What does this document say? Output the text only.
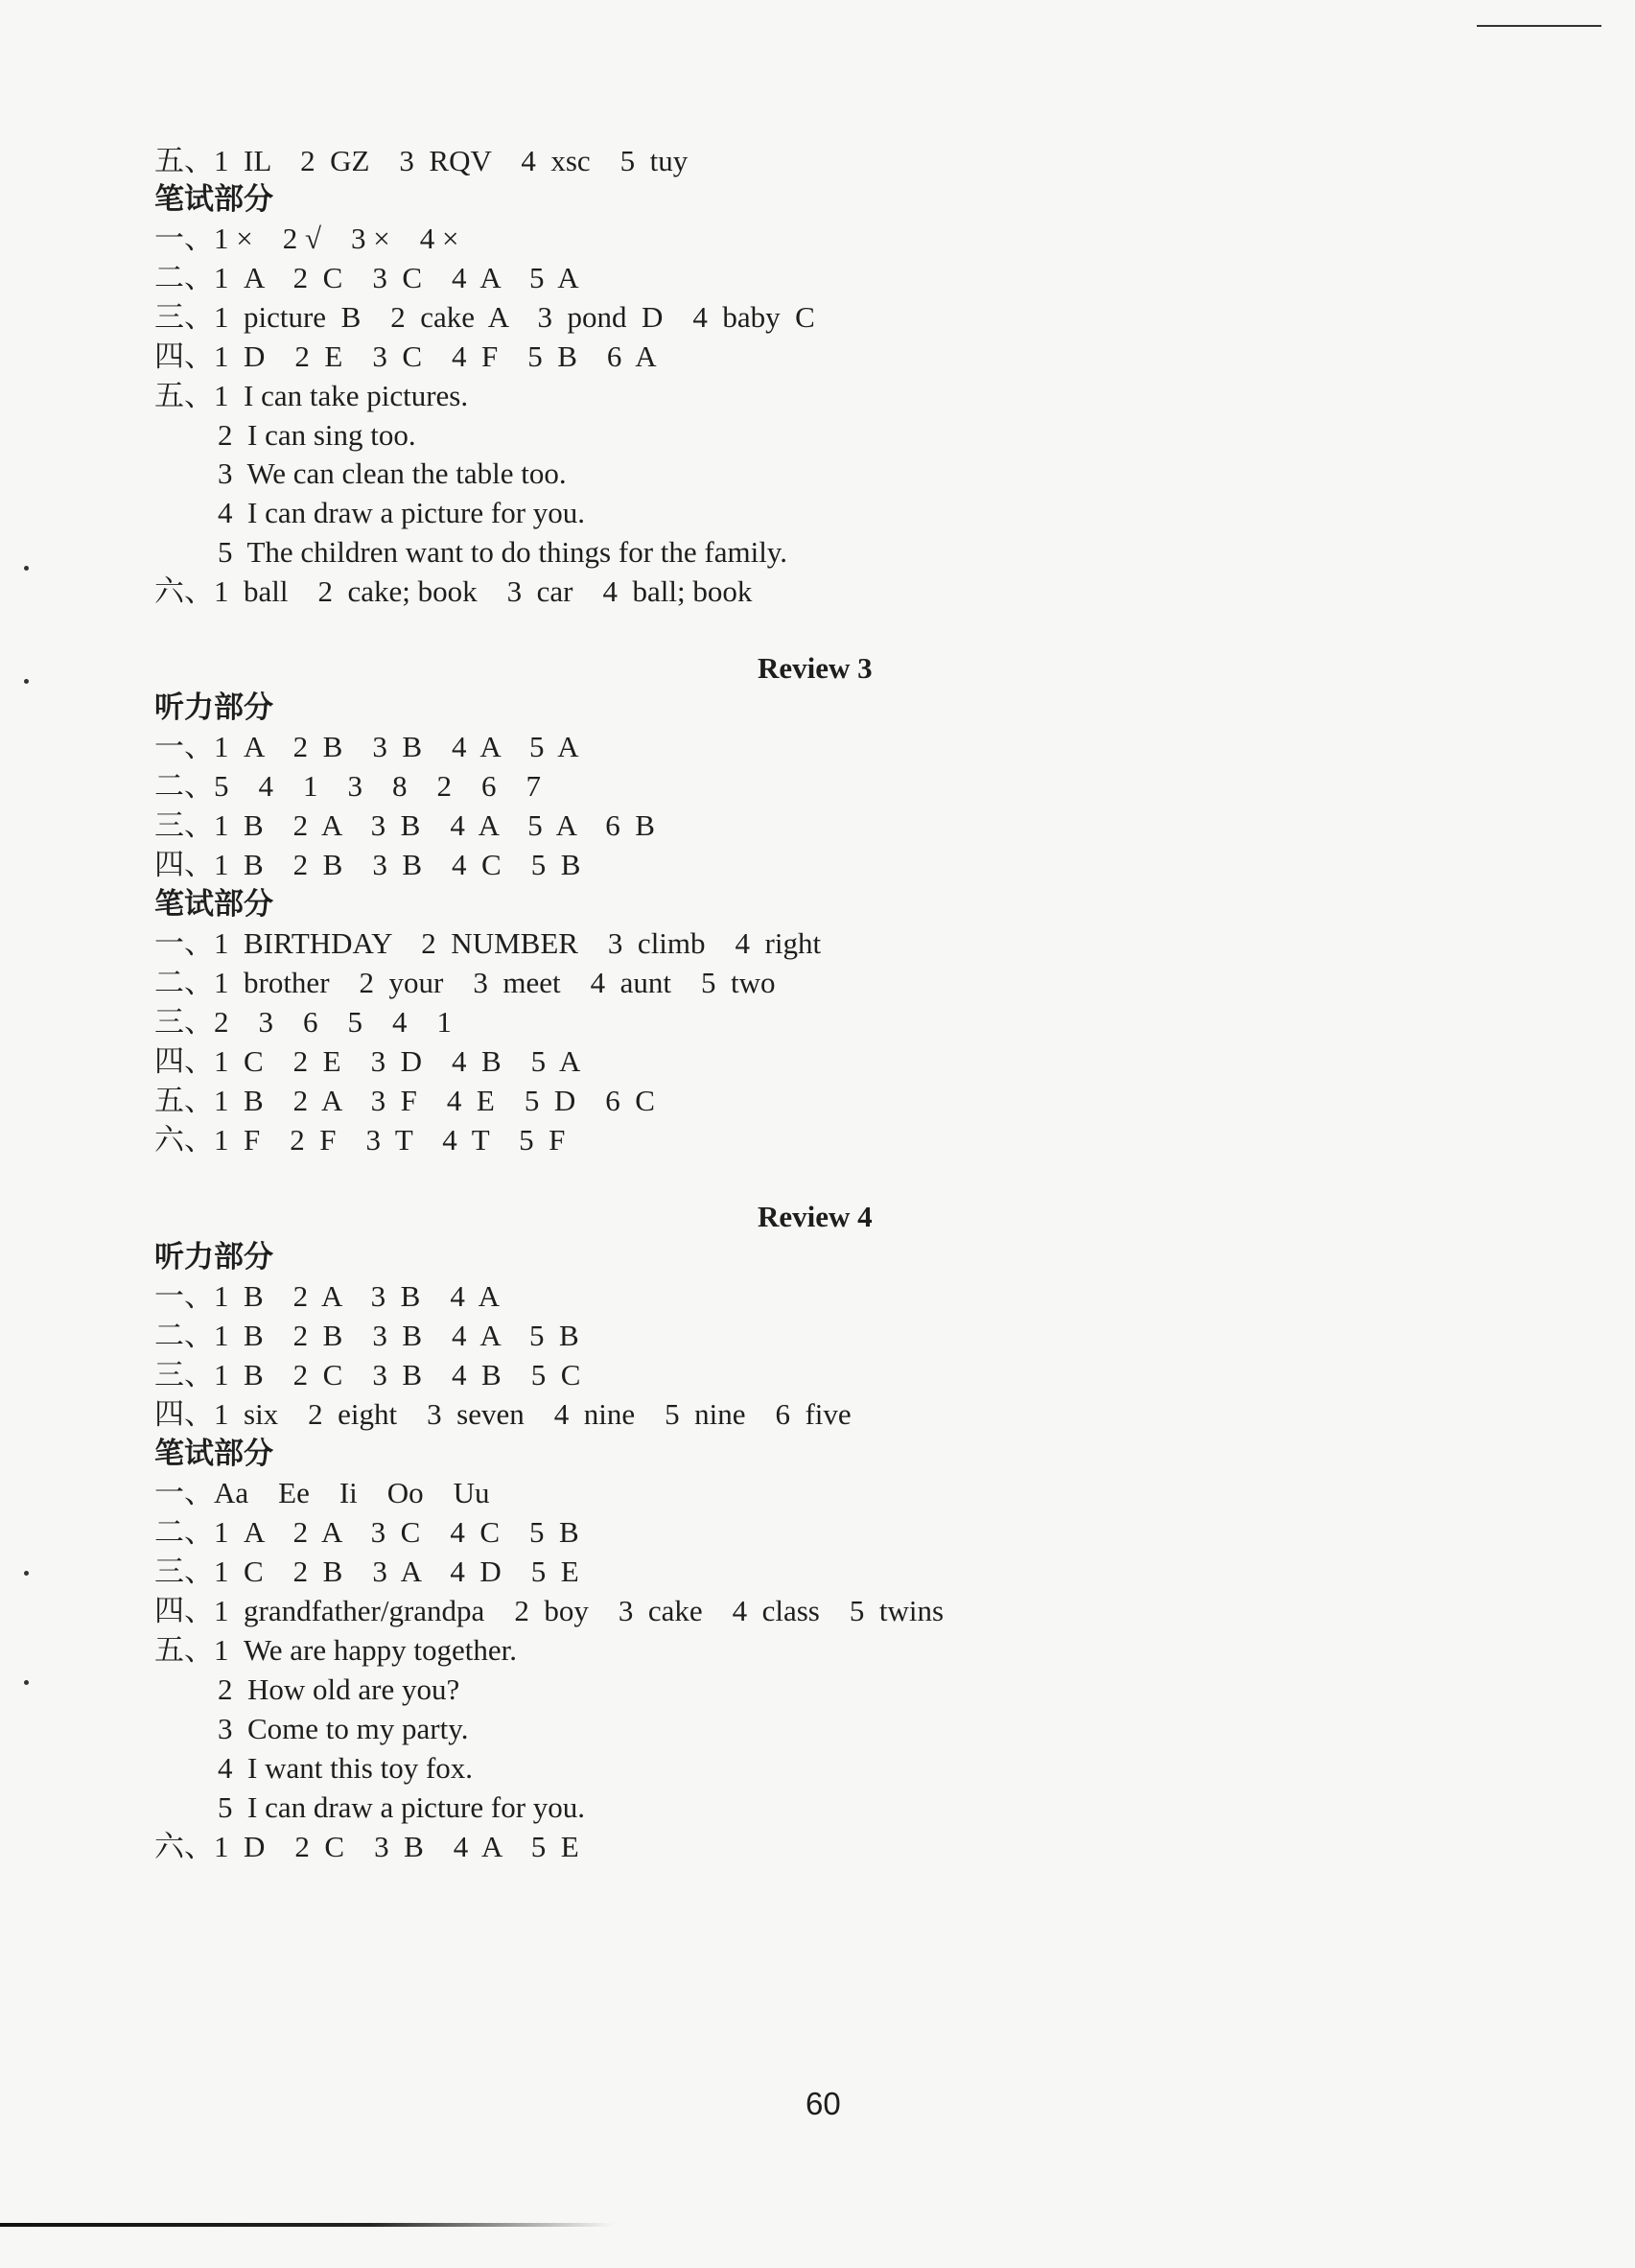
五、1  IL    2  GZ    3  RQV    4  xsc    5  tuy
笔试部分
一、1 ×    2 √    3 ×    4 ×
二、1  A    2  C    3  C    4  A    5  A
三、1  picture  B    2  cake  A    3  pond  D    4  baby  C
四、1  D    2  E    3  C    4  F    5  B    6  A
五、1  I can take pictures.
2  I can sing too.
3  We can clean the table too.
4  I can draw a picture for you.
5  The children want to do things for the family.
六、1  ball    2  cake; book    3  car    4  ball; book
Review 3
听力部分
一、1  A    2  B    3  B    4  A    5  A
二、5    4    1    3    8    2    6    7
三、1  B    2  A    3  B    4  A    5  A    6  B
四、1  B    2  B    3  B    4  C    5  B
笔试部分
一、1  BIRTHDAY    2  NUMBER    3  climb    4  right
二、1  brother    2  your    3  meet    4  aunt    5  two
三、2    3    6    5    4    1
四、1  C    2  E    3  D    4  B    5  A
五、1  B    2  A    3  F    4  E    5  D    6  C
六、1  F    2  F    3  T    4  T    5  F
Review 4
听力部分
一、1  B    2  A    3  B    4  A
二、1  B    2  B    3  B    4  A    5  B
三、1  B    2  C    3  B    4  B    5  C
四、1  six    2  eight    3  seven    4  nine    5  nine    6  five
笔试部分
一、Aa    Ee    Ii    Oo    Uu
二、1  A    2  A    3  C    4  C    5  B
三、1  C    2  B    3  A    4  D    5  E
四、1  grandfather/grandpa    2  boy    3  cake    4  class    5  twins
五、1  We are happy together.
2  How old are you?
3  Come to my party.
4  I want this toy fox.
5  I can draw a picture for you.
六、1  D    2  C    3  B    4  A    5  E
60
